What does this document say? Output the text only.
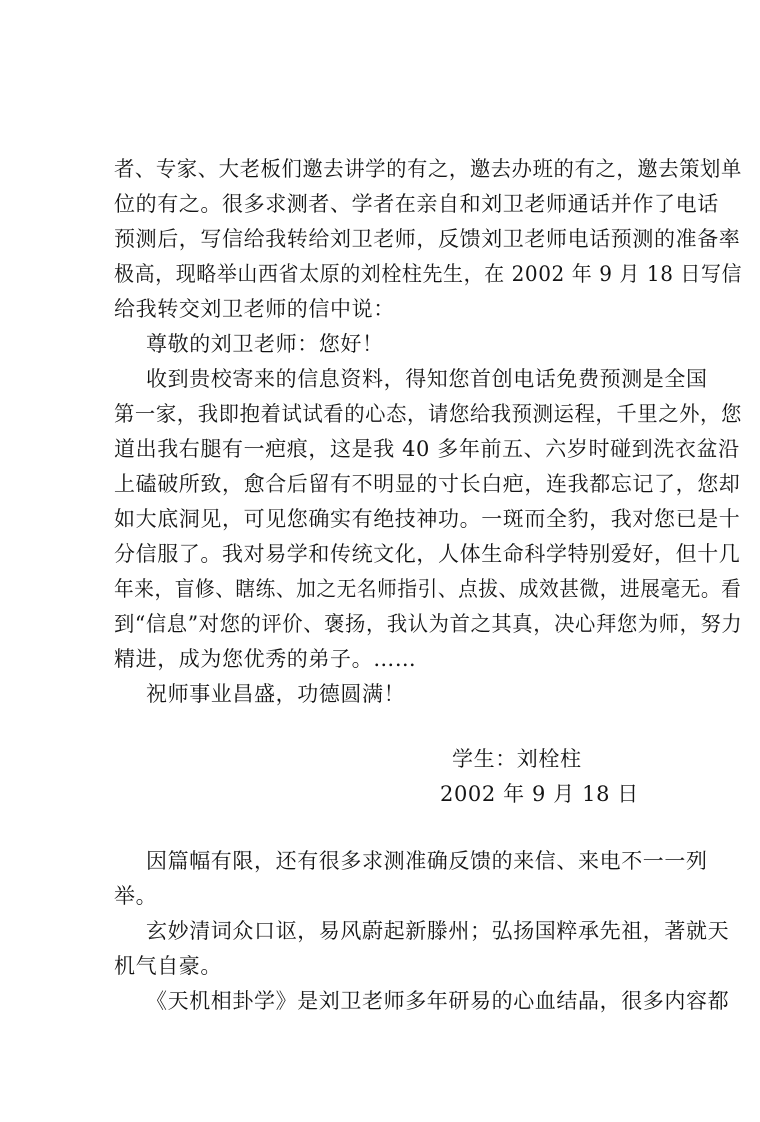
者、专家、大老板们邀去讲学的有之，邀去办班的有之，邀去策划单
位的有之。很多求测者、学者在亲自和刘卫老师通话并作了电话
预测后，写信给我转给刘卫老师，反馈刘卫老师电话预测的准备率
极高，现略举山西省太原的刘栓柱先生，在 2002 年 9 月 18 日写信
给我转交刘卫老师的信中说：
尊敬的刘卫老师：您好！
收到贵校寄来的信息资料，得知您首创电话免费预测是全国
第一家，我即抱着试试看的心态，请您给我预测运程，千里之外，您
道出我右腿有一疤痕，这是我 40 多年前五、六岁时碰到洗衣盆沿
上磕破所致，愈合后留有不明显的寸长白疤，连我都忘记了，您却
如大底洞见，可见您确实有绝技神功。一斑而全豹，我对您已是十
分信服了。我对易学和传统文化，人体生命科学特别爱好，但十几
年来，盲修、瞎练、加之无名师指引、点拔、成效甚微，进展毫无。看
到“信息”对您的评价、褒扬，我认为首之其真，决心拜您为师，努力
精进，成为您优秀的弟子。……
祝师事业昌盛，功德圆满！
学生：刘栓柱
2002 年 9 月 18 日
因篇幅有限，还有很多求测准确反馈的来信、来电不一一列
举。
玄妙清词众口讴，易风蔚起新滕州；弘扬国粹承先祖，著就天
机气自豪。
《天机相卦学》是刘卫老师多年研易的心血结晶，很多内容都
